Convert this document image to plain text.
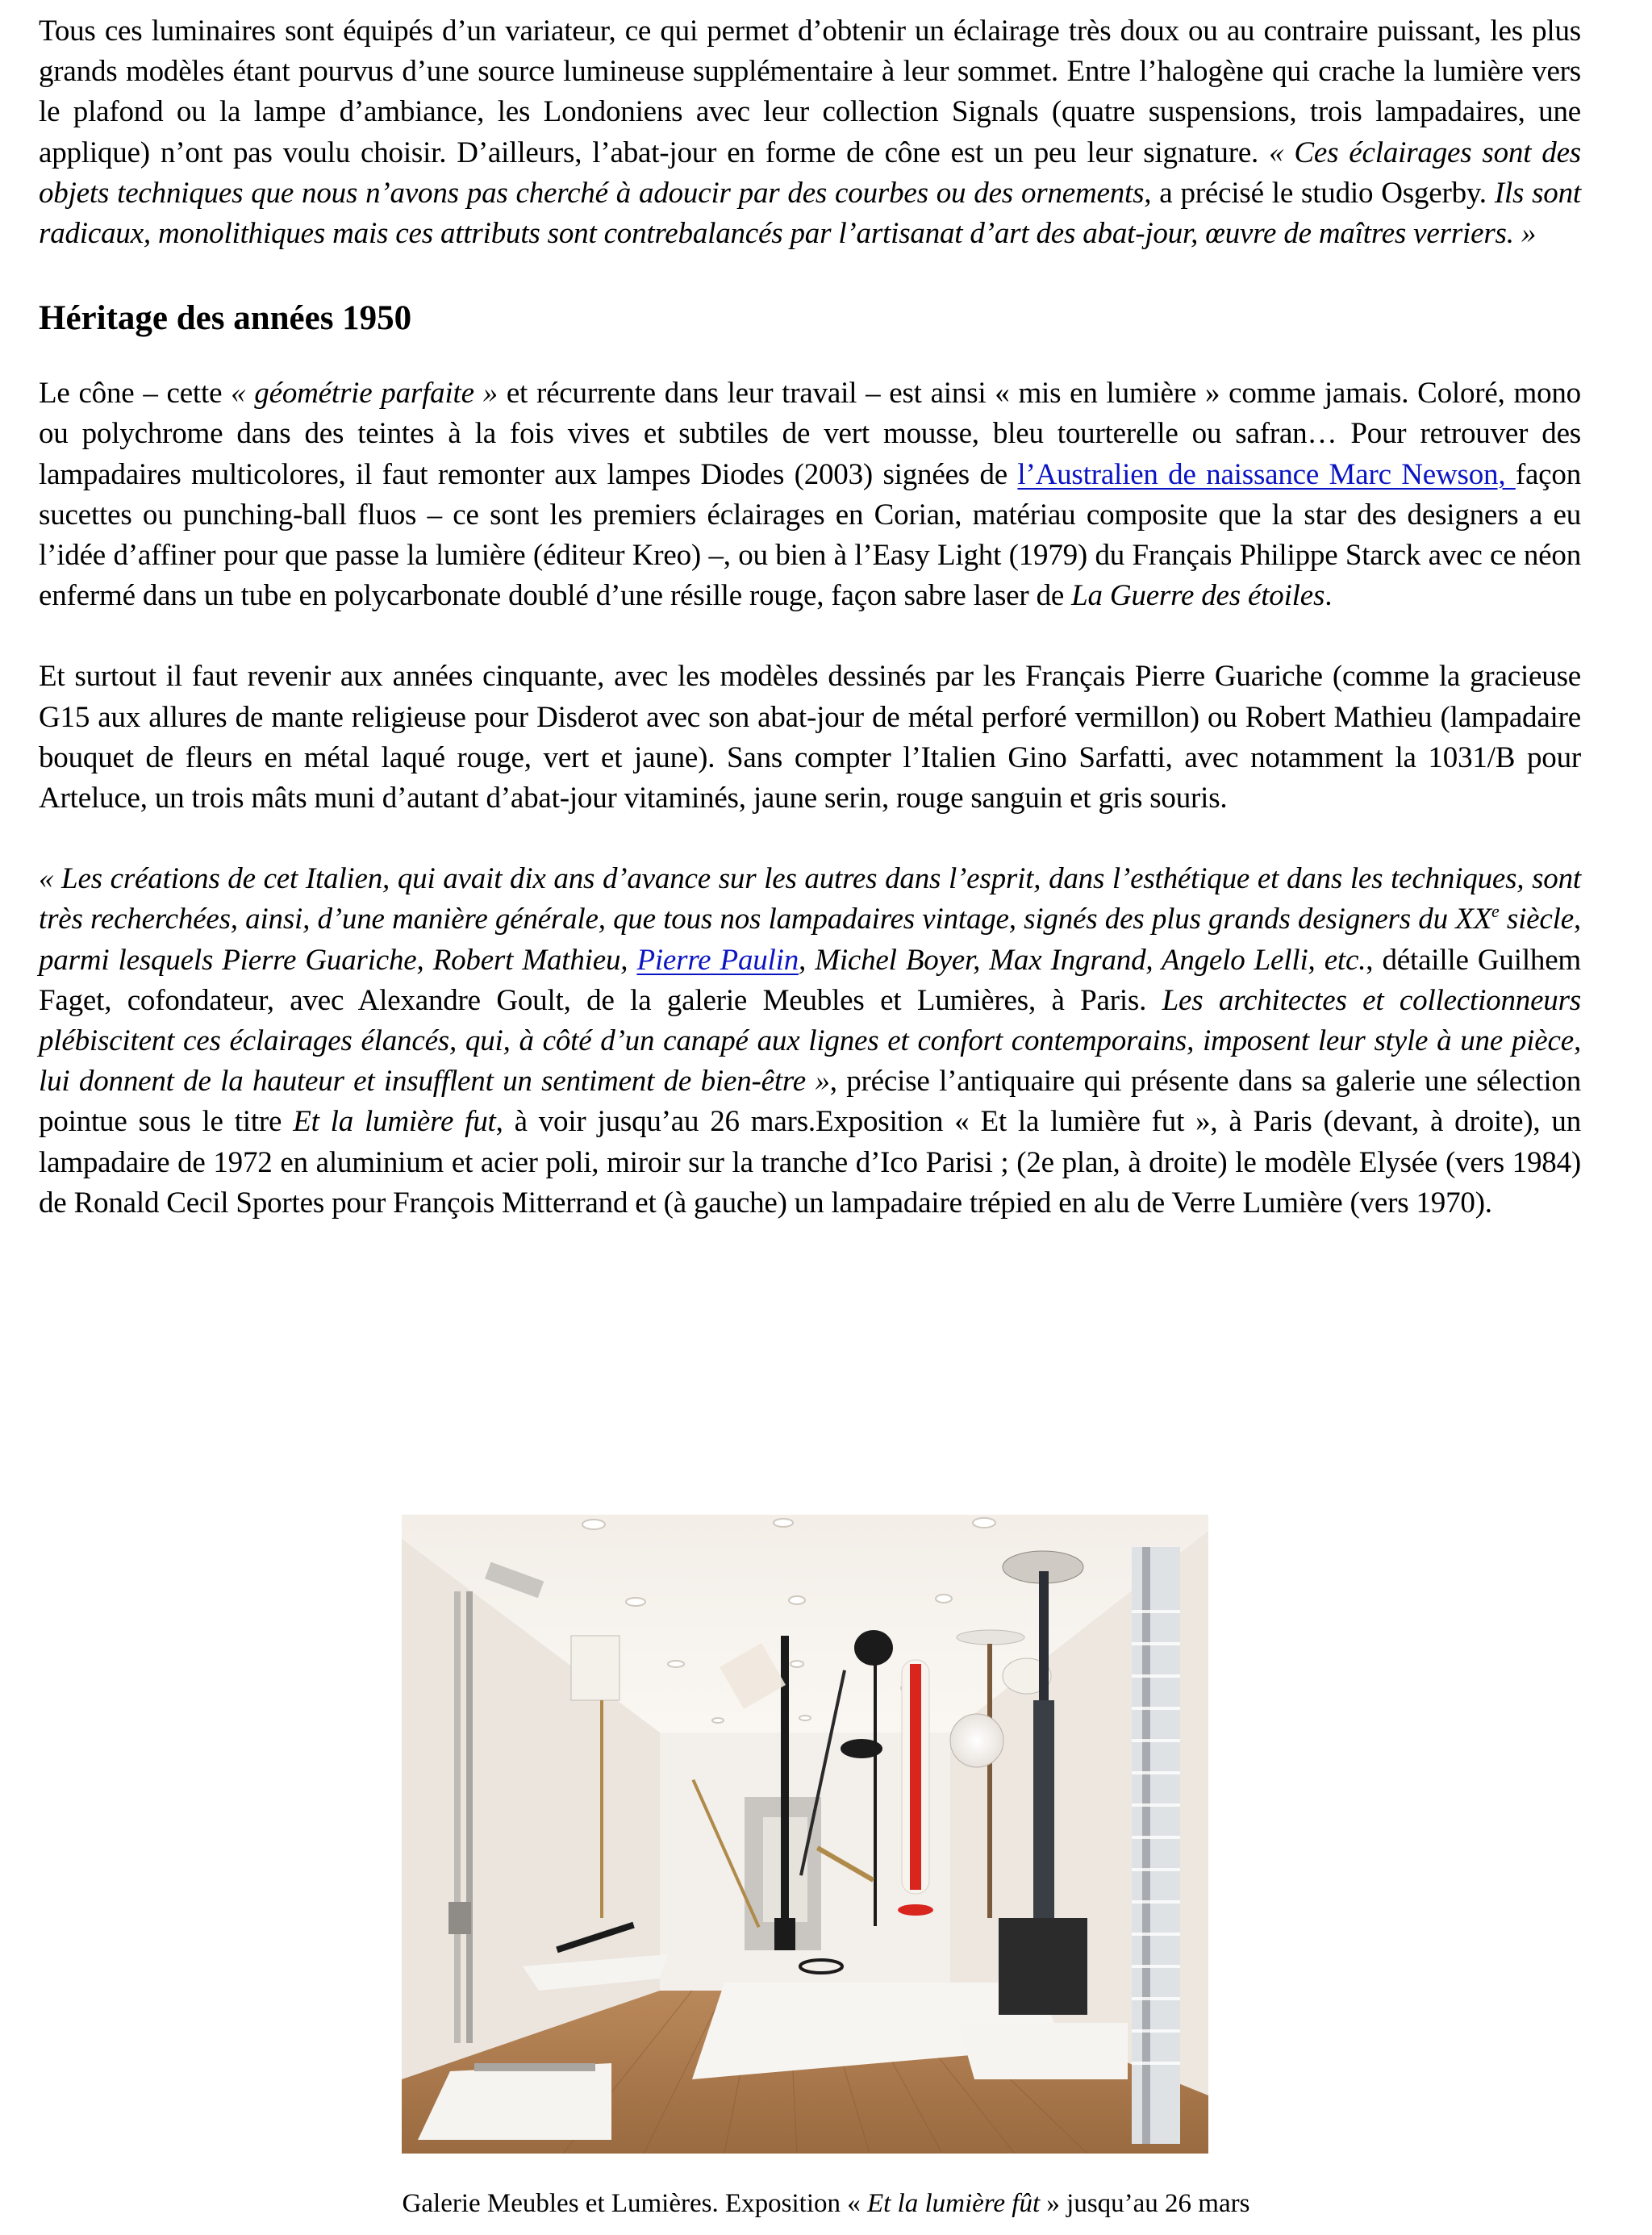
Tous ces luminaires sont équipés d’un variateur, ce qui permet d’obtenir un éclairage très doux ou au contraire puissant, les plus grands modèles étant pourvus d’une source lumineuse supplémentaire à leur sommet. Entre l’halogène qui crache la lumière vers le plafond ou la lampe d’ambiance, les Londoniens avec leur collection Signals (quatre suspensions, trois lampadaires, une applique) n’ont pas voulu choisir. D’ailleurs, l’abat-jour en forme de cône est un peu leur signature. « Ces éclairages sont des objets techniques que nous n’avons pas cherché à adoucir par des courbes ou des ornements, a précisé le studio Osgerby. Ils sont radicaux, monolithiques mais ces attributs sont contrebalancés par l’artisanat d’art des abat-jour, œuvre de maîtres verriers. »

Héritage des années 1950

Le cône – cette « géométrie parfaite » et récurrente dans leur travail – est ainsi « mis en lumière » comme jamais. Coloré, mono ou polychrome dans des teintes à la fois vives et subtiles de vert mousse, bleu tourterelle ou safran… Pour retrouver des lampadaires multicolores, il faut remonter aux lampes Diodes (2003) signées de l’Australien de naissance Marc Newson, façon sucettes ou punching-ball fluos – ce sont les premiers éclairages en Corian, matériau composite que la star des designers a eu l’idée d’affiner pour que passe la lumière (éditeur Kreo) –, ou bien à l’Easy Light (1979) du Français Philippe Starck avec ce néon enfermé dans un tube en polycarbonate doublé d’une résille rouge, façon sabre laser de La Guerre des étoiles.

Et surtout il faut revenir aux années cinquante, avec les modèles dessinés par les Français Pierre Guariche (comme la gracieuse G15 aux allures de mante religieuse pour Disderot avec son abat-jour de métal perforé vermillon) ou Robert Mathieu (lampadaire bouquet de fleurs en métal laqué rouge, vert et jaune). Sans compter l’Italien Gino Sarfatti, avec notamment la 1031/B pour Arteluce, un trois mâts muni d’autant d’abat-jour vitaminés, jaune serin, rouge sanguin et gris souris.

« Les créations de cet Italien, qui avait dix ans d’avance sur les autres dans l’esprit, dans l’esthétique et dans les techniques, sont très recherchées, ainsi, d’une manière générale, que tous nos lampadaires vintage, signés des plus grands designers du XXe siècle, parmi lesquels Pierre Guariche, Robert Mathieu, Pierre Paulin, Michel Boyer, Max Ingrand, Angelo Lelli, etc., détaille Guilhem Faget, cofondateur, avec Alexandre Goult, de la galerie Meubles et Lumières, à Paris. Les architectes et collectionneurs plébiscitent ces éclairages élancés, qui, à côté d’un canapé aux lignes et confort contemporains, imposent leur style à une pièce, lui donnent de la hauteur et insufflent un sentiment de bien-être », précise l’antiquaire qui présente dans sa galerie une sélection pointue sous le titre Et la lumière fut, à voir jusqu’au 26 mars.Exposition « Et la lumière fut », à Paris (devant, à droite), un lampadaire de 1972 en aluminium et acier poli, miroir sur la tranche d’Ico Parisi ; (2e plan, à droite) le modèle Elysée (vers 1984) de Ronald Cecil Sportes pour François Mitterrand et (à gauche) un lampadaire trépied en alu de Verre Lumière (vers 1970).

Galerie Meubles et Lumières. Exposition « Et la lumière fût » jusqu’au 26 mars
